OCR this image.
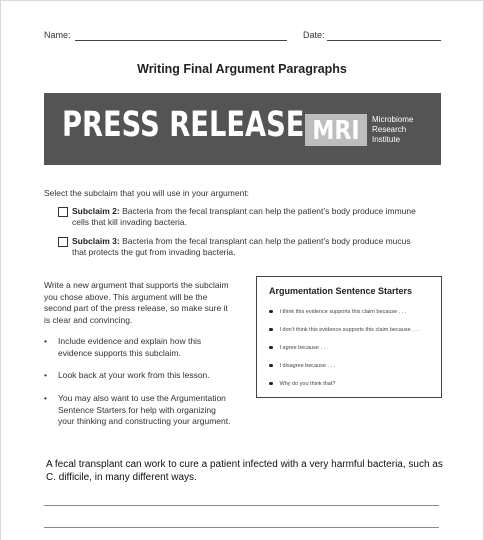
Name:	Date:
Writing Final Argument Paragraphs
PRESS RELEASE MRI	Microbiome
Research
Institute
Select the subclaim that you will use in your argument:
Subclaim 2: Bacteria from the fecal transplant can help the patient’s body produce immune
cells that kill invading bacteria.
Subclaim 3: Bacteria from the fecal transplant can help the patient’s body produce mucus
that protects the gut from invading bacteria.
Write a new argument that supports the subclaim
you chose above. This argument will be the
second part of the press release, so make sure it
is clear and convincing.
• Include evidence and explain how this
evidence supports this subclaim.
• Look back at your work from this lesson.
• You may also want to use the Argumentation
Sentence Starters for help with organizing
your thinking and constructing your argument.
Argumentation Sentence Starters
I think this evidence supports this claim because . . .
I don’t think this evidence supports this claim because . . .
I agree because . . .
I disagree because . . .
Why do you think that?
A fecal transplant can work to cure a patient infected with a very harmful bacteria, such as C. difficile, in many different ways.
